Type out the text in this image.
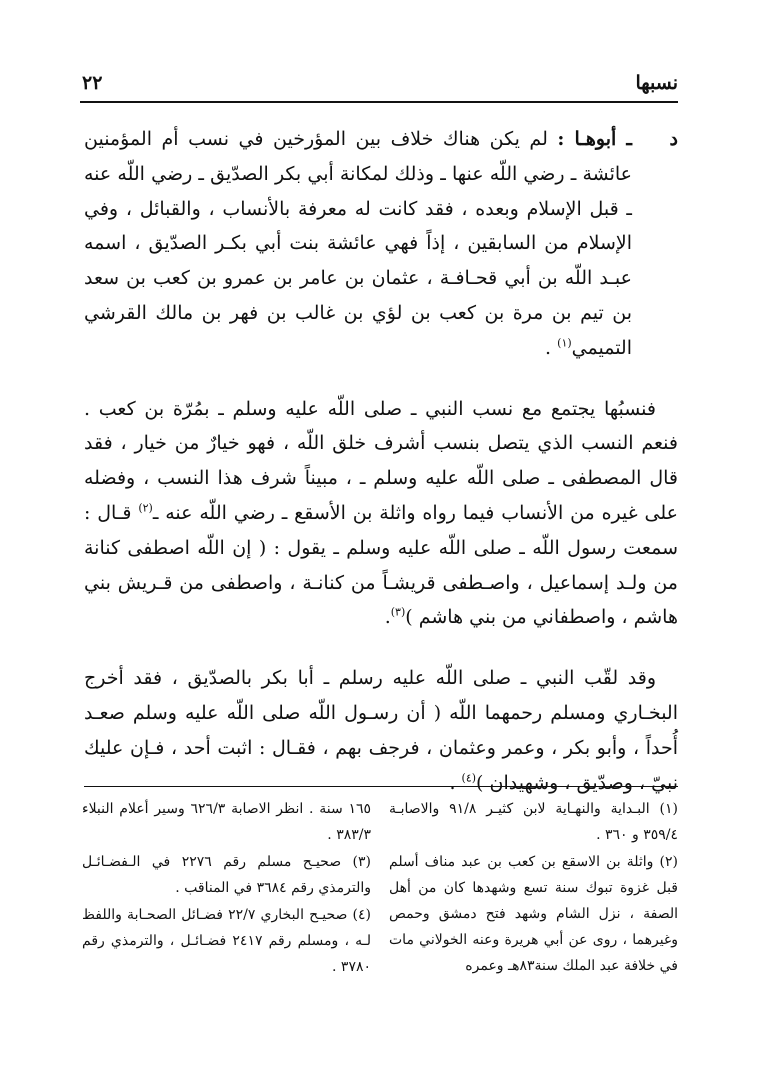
نسبها
٢٢

د
ـ أبوهـا : لم يكن هناك خلاف بين المؤرخين في نسب أم المؤمنين عائشة ـ رضي اللّه عنها ـ وذلك لمكانة أبي بكر الصدّيق ـ رضي اللّه عنه ـ قبل الإسلام وبعده ، فقد كانت له معرفة بالأنساب ، والقبائل ، وفي الإسلام من السابقين ، إذاً فهي عائشة بنت أبي بكـر الصدّيق ، اسمه عبـد اللّه بن أبي قحـافـة ، عثمان بن عامر بن عمرو بن كعب بن سعد بن تيم بن مرة بن كعب بن لؤي بن غالب بن فهر بن مالك القرشي التميمي$^{(١)}$ .

فنسبُها يجتمع مع نسب النبي ـ صلى اللّه عليه وسلم ـ بمُرّة بن كعب . فنعم النسب الذي يتصل بنسب أشرف خلق اللّه ، فهو خيارٌ من خيار ، فقد قال المصطفى ـ صلى اللّه عليه وسلم ـ ، مبيناً شرف هذا النسب ، وفضله على غيره من الأنساب فيما رواه واثلة بن الأسقع ـ رضي اللّه عنه ـ$^{(٢)}$ قـال : سمعت رسول اللّه ـ صلى اللّه عليه وسلم ـ يقول : ( إن اللّه اصطفى كنانة من ولـد إسماعيل ، واصـطفى قريشـاً من كنانـة ، واصطفى من قـريش بني هاشم ، واصطفاني من بني هاشم )$^{(٣)}$.

وقد لقّب النبي ـ صلى اللّه عليه رسلم ـ أبا بكر بالصدّيق ، فقد أخرج البخـاري ومسلم رحمهما اللّه ( أن رسـول اللّه صلى اللّه عليه وسلم صعـد أُحداً ، وأبو بكر ، وعمر وعثمان ، فرجف بهم ، فقـال : اثبت أحد ، فـإن عليك نبيّ ، وصدّيق ، وشهيدان )$^{(٤)}$ .

(١) البـداية والنهـاية لابن كثيـر ٩١/٨ والاصابـة ٣٥٩/٤ و ٣٦٠ .

(٢) واثلة بن الاسقع بن كعب بن عبد مناف أسلم قبل غزوة تبوك سنة تسع وشهدها كان من أهل الصفة ، نزل الشام وشهد فتح دمشق وحمص وغيرهما ، روى عن أبي هريرة وعنه الخولاني مات في خلافة عبد الملك سنة٨٣هـ وعمره

١٦٥ سنة . انظر الاصابة ٦٢٦/٣ وسير أعلام النبلاء ٣٨٣/٣ .

(٣) صحيـح مسلم رقم ٢٢٧٦ في الـفضـائـل والترمذي رقم ٣٦٨٤ في المناقب .

(٤) صحيـح البخاري ٢٢/٧ فضـائل الصحـابة واللفظ لـه ، ومسلم رقم ٢٤١٧ فضـائـل ، والترمذي رقم ٣٧٨٠ .
